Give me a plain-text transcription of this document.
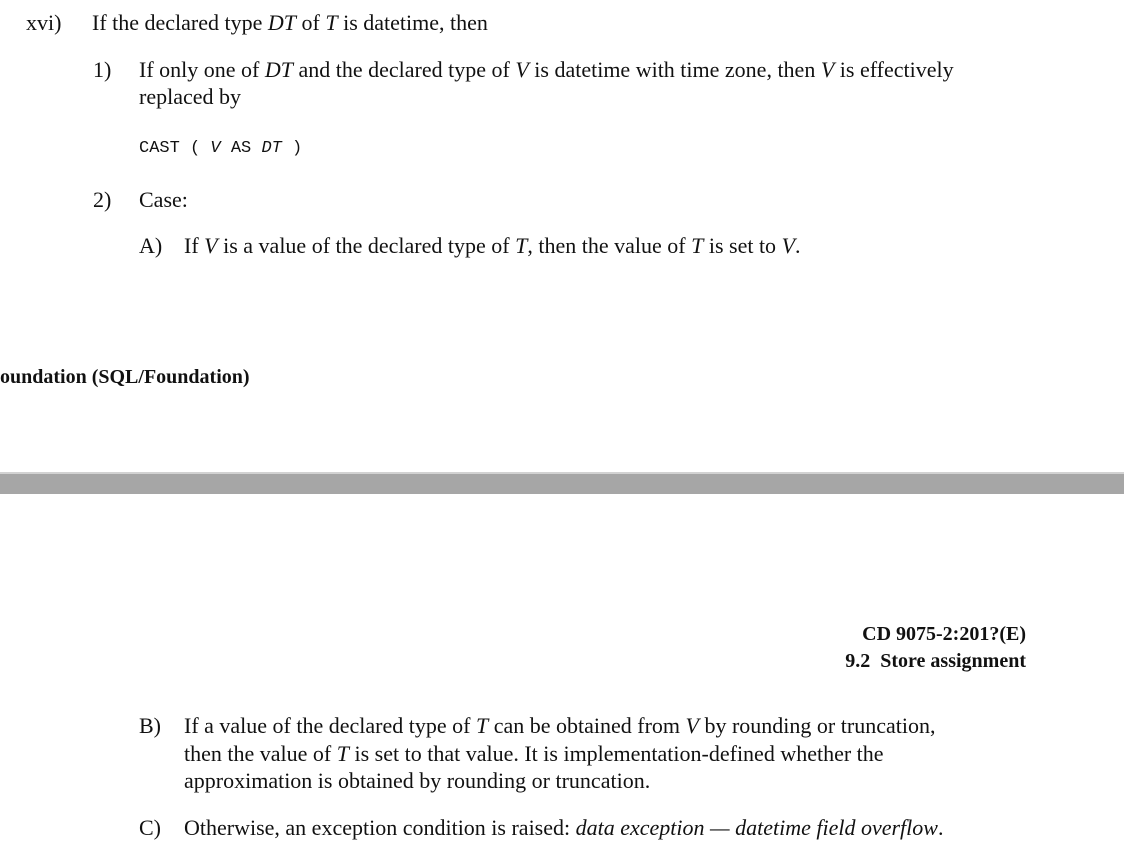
xvi) If the declared type DT of T is datetime, then
1) If only one of DT and the declared type of V is datetime with time zone, then V is effectively
replaced by
CAST ( V AS DT )
2) Case:
A) If V is a value of the declared type of T, then the value of T is set to V.
oundation (SQL/Foundation)
CD 9075-2:201?(E)
9.2 Store assignment
B) If a value of the declared type of T can be obtained from V by rounding or truncation,
then the value of T is set to that value. It is implementation-defined whether the
approximation is obtained by rounding or truncation.
C) Otherwise, an exception condition is raised: data exception — datetime field overflow.
